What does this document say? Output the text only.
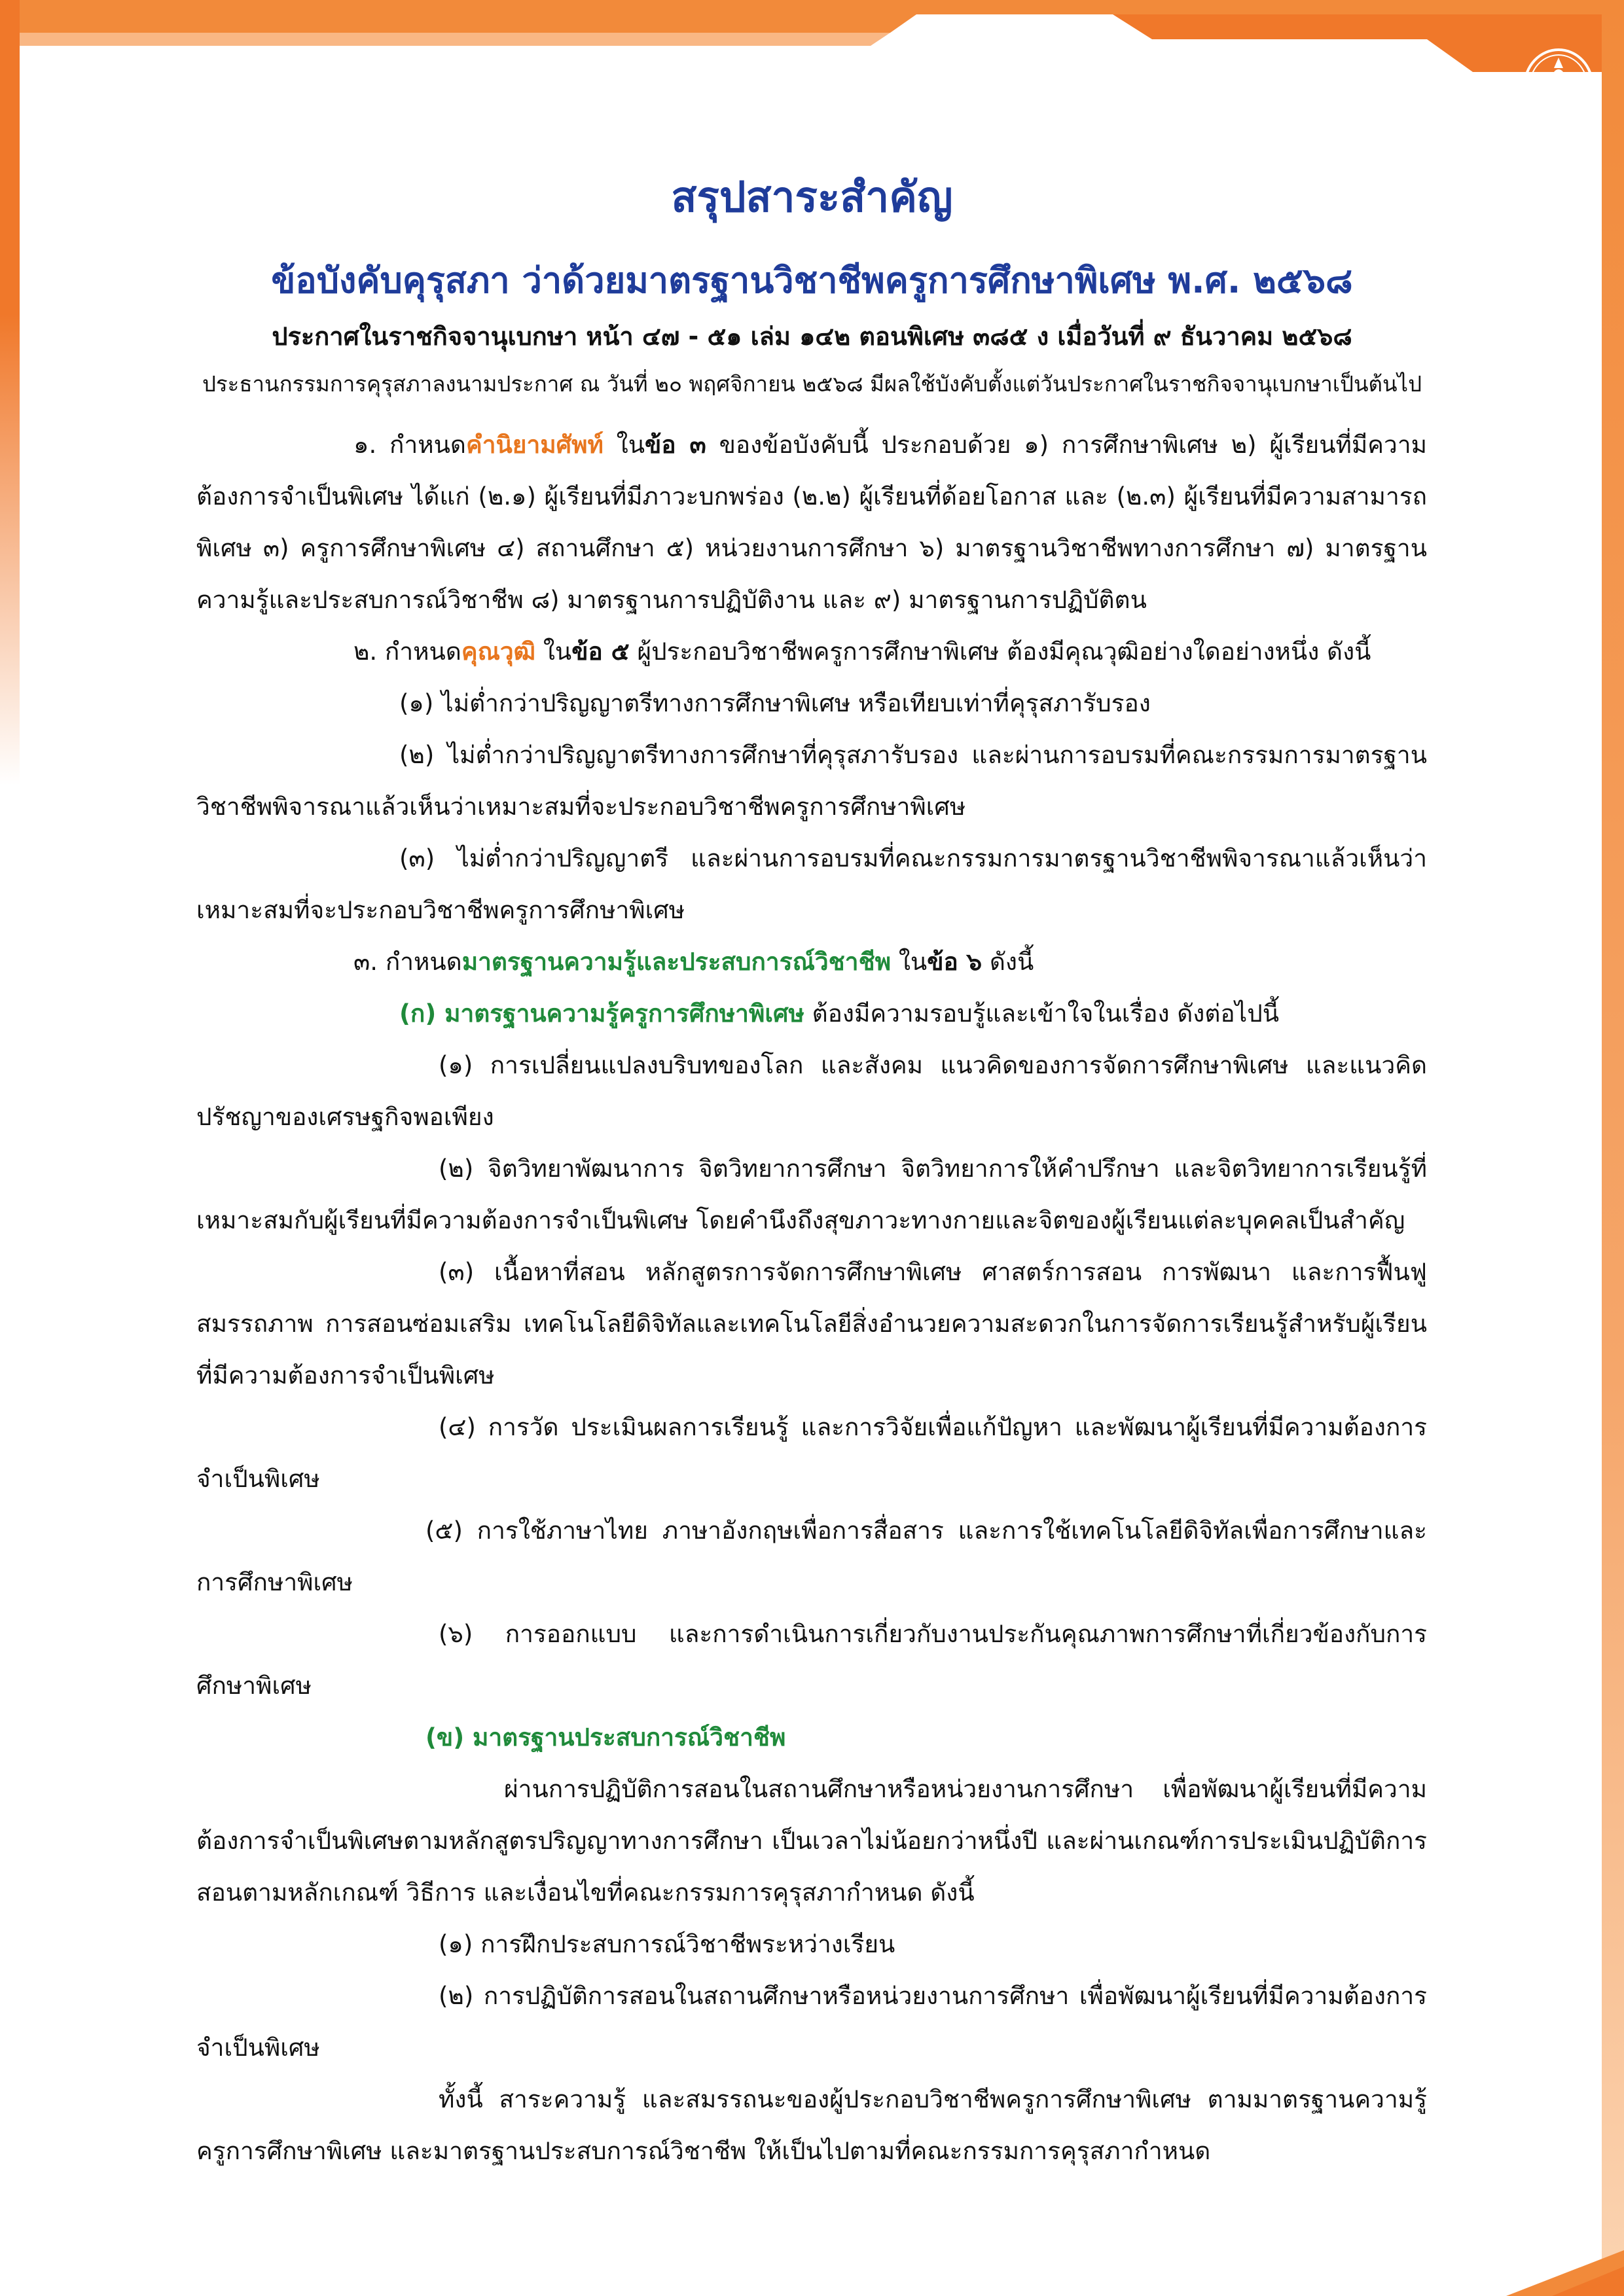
คุรุสภา
สรุปสาระสำคัญ
ข้อบังคับคุรุสภา ว่าด้วยมาตรฐานวิชาชีพครูการศึกษาพิเศษ พ.ศ. ๒๕๖๘
ประกาศในราชกิจจานุเบกษา หน้า ๔๗ - ๕๑ เล่ม ๑๔๒ ตอนพิเศษ ๓๘๕ ง เมื่อวันที่ ๙ ธันวาคม ๒๕๖๘
ประธานกรรมการคุรุสภาลงนามประกาศ ณ วันที่ ๒๐ พฤศจิกายน ๒๕๖๘ มีผลใช้บังคับตั้งแต่วันประกาศในราชกิจจานุเบกษาเป็นต้นไป

๑. กำหนดคำนิยามศัพท์ ในข้อ ๓ ของข้อบังคับนี้ ประกอบด้วย ๑) การศึกษาพิเศษ ๒) ผู้เรียนที่มีความต้องการจำเป็นพิเศษ ได้แก่ (๒.๑) ผู้เรียนที่มีภาวะบกพร่อง (๒.๒) ผู้เรียนที่ด้อยโอกาส และ (๒.๓) ผู้เรียนที่มีความสามารถพิเศษ ๓) ครูการศึกษาพิเศษ ๔) สถานศึกษา ๕) หน่วยงานการศึกษา ๖) มาตรฐานวิชาชีพทางการศึกษา ๗) มาตรฐานความรู้และประสบการณ์วิชาชีพ ๘) มาตรฐานการปฏิบัติงาน และ ๙) มาตรฐานการปฏิบัติตน

๒. กำหนดคุณวุฒิ ในข้อ ๕ ผู้ประกอบวิชาชีพครูการศึกษาพิเศษ ต้องมีคุณวุฒิอย่างใดอย่างหนึ่ง ดังนี้

(๑) ไม่ต่ำกว่าปริญญาตรีทางการศึกษาพิเศษ หรือเทียบเท่าที่คุรุสภารับรอง

(๒) ไม่ต่ำกว่าปริญญาตรีทางการศึกษาที่คุรุสภารับรอง และผ่านการอบรมที่คณะกรรมการมาตรฐานวิชาชีพพิจารณาแล้วเห็นว่าเหมาะสมที่จะประกอบวิชาชีพครูการศึกษาพิเศษ

(๓) ไม่ต่ำกว่าปริญญาตรี และผ่านการอบรมที่คณะกรรมการมาตรฐานวิชาชีพพิจารณาแล้วเห็นว่าเหมาะสมที่จะประกอบวิชาชีพครูการศึกษาพิเศษ

๓. กำหนดมาตรฐานความรู้และประสบการณ์วิชาชีพ ในข้อ ๖ ดังนี้

(ก) มาตรฐานความรู้ครูการศึกษาพิเศษ ต้องมีความรอบรู้และเข้าใจในเรื่อง ดังต่อไปนี้

(๑) การเปลี่ยนแปลงบริบทของโลก และสังคม แนวคิดของการจัดการศึกษาพิเศษ และแนวคิดปรัชญาของเศรษฐกิจพอเพียง

(๒) จิตวิทยาพัฒนาการ จิตวิทยาการศึกษา จิตวิทยาการให้คำปรึกษา และจิตวิทยาการเรียนรู้ที่เหมาะสมกับผู้เรียนที่มีความต้องการจำเป็นพิเศษ โดยคำนึงถึงสุขภาวะทางกายและจิตของผู้เรียนแต่ละบุคคลเป็นสำคัญ

(๓) เนื้อหาที่สอน หลักสูตรการจัดการศึกษาพิเศษ ศาสตร์การสอน การพัฒนา และการฟื้นฟูสมรรถภาพ การสอนซ่อมเสริม เทคโนโลยีดิจิทัลและเทคโนโลยีสิ่งอำนวยความสะดวกในการจัดการเรียนรู้สำหรับผู้เรียนที่มีความต้องการจำเป็นพิเศษ

(๔) การวัด ประเมินผลการเรียนรู้ และการวิจัยเพื่อแก้ปัญหา และพัฒนาผู้เรียนที่มีความต้องการจำเป็นพิเศษ

(๕) การใช้ภาษาไทย ภาษาอังกฤษเพื่อการสื่อสาร และการใช้เทคโนโลยีดิจิทัลเพื่อการศึกษาและการศึกษาพิเศษ

(๖) การออกแบบ และการดำเนินการเกี่ยวกับงานประกันคุณภาพการศึกษาที่เกี่ยวข้องกับการศึกษาพิเศษ

(ข) มาตรฐานประสบการณ์วิชาชีพ

ผ่านการปฏิบัติการสอนในสถานศึกษาหรือหน่วยงานการศึกษา เพื่อพัฒนาผู้เรียนที่มีความต้องการจำเป็นพิเศษตามหลักสูตรปริญญาทางการศึกษา เป็นเวลาไม่น้อยกว่าหนึ่งปี และผ่านเกณฑ์การประเมินปฏิบัติการสอนตามหลักเกณฑ์ วิธีการ และเงื่อนไขที่คณะกรรมการคุรุสภากำหนด ดังนี้

(๑) การฝึกประสบการณ์วิชาชีพระหว่างเรียน

(๒) การปฏิบัติการสอนในสถานศึกษาหรือหน่วยงานการศึกษา เพื่อพัฒนาผู้เรียนที่มีความต้องการจำเป็นพิเศษ

ทั้งนี้ สาระความรู้ และสมรรถนะของผู้ประกอบวิชาชีพครูการศึกษาพิเศษ ตามมาตรฐานความรู้ครูการศึกษาพิเศษ และมาตรฐานประสบการณ์วิชาชีพ ให้เป็นไปตามที่คณะกรรมการคุรุสภากำหนด
